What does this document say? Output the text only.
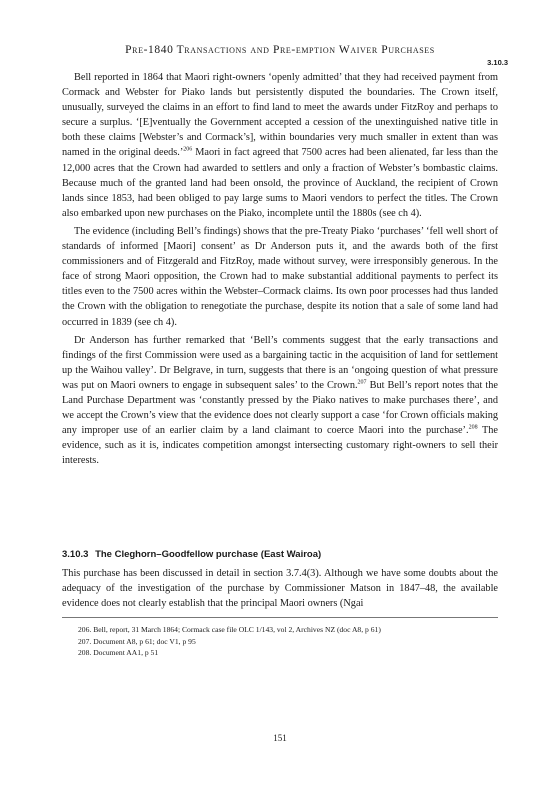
Pre-1840 Transactions and Pre-emption Waiver Purchases
3.10.3

Bell reported in 1864 that Maori right-owners ‘openly admitted’ that they had received payment from Cormack and Webster for Piako lands but persistently disputed the boundaries. The Crown itself, unusually, surveyed the claims in an effort to find land to meet the awards under FitzRoy and perhaps to secure a surplus. ‘[E]ventually the Government accepted a cession of the unextinguished native title in both these claims [Webster’s and Cormack’s], within boundaries very much smaller in extent than was named in the original deeds.’$^{206}$ Maori in fact agreed that 7500 acres had been alienated, far less than the 12,000 acres that the Crown had awarded to settlers and only a fraction of Webster’s bombastic claims. Because much of the granted land had been onsold, the province of Auckland, the recipient of Crown lands since 1853, had been obliged to pay large sums to Maori vendors to perfect the titles. The Crown also embarked upon new purchases on the Piako, incomplete until the 1880s (see ch 4).

The evidence (including Bell’s findings) shows that the pre-Treaty Piako ‘purchases’ ‘fell well short of standards of informed [Maori] consent’ as Dr Anderson puts it, and the awards both of the first commissioners and of Fitzgerald and FitzRoy, made without survey, were irresponsibly generous. In the face of strong Maori opposition, the Crown had to make substantial additional payments to perfect its titles even to the 7500 acres within the Webster–Cormack claims. Its own poor processes had thus landed the Crown with the obligation to renegotiate the purchase, despite its notion that a sale of some land had occurred in 1839 (see ch 4).

Dr Anderson has further remarked that ‘Bell’s comments suggest that the early transactions and findings of the first Commission were used as a bargaining tactic in the acquisition of land for settlement up the Waihou valley’. Dr Belgrave, in turn, suggests that there is an ‘ongoing question of what pressure was put on Maori owners to engage in subsequent sales’ to the Crown.$^{207}$ But Bell’s report notes that the Land Purchase Department was ‘constantly pressed by the Piako natives to make purchases there’, and we accept the Crown’s view that the evidence does not clearly support a case ‘for Crown officials making any improper use of an earlier claim by a land claimant to coerce Maori into the purchase’.$^{208}$ The evidence, such as it is, indicates competition amongst intersecting customary right-owners to sell their interests.

3.10.3 The Cleghorn–Goodfellow purchase (East Wairoa)

This purchase has been discussed in detail in section 3.7.4(3). Although we have some doubts about the adequacy of the investigation of the purchase by Commissioner Matson in 1847–48, the available evidence does not clearly establish that the principal Maori owners (Ngai

206. Bell, report, 31 March 1864; Cormack case file OLC 1/143, vol 2, Archives NZ (doc A8, p 61)
207. Document A8, p 61; doc V1, p 95
208. Document AA1, p 51
151
